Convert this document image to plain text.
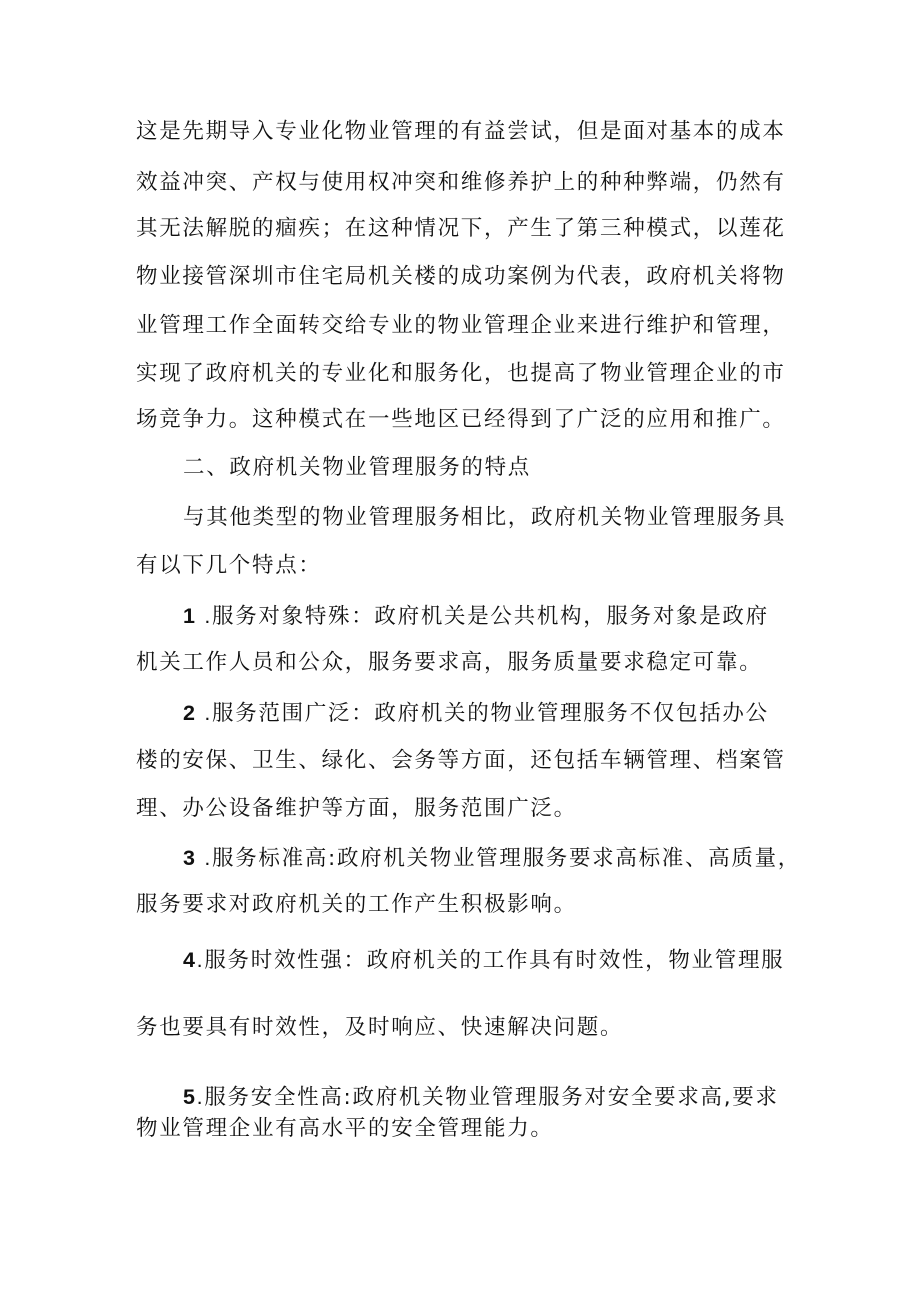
这是先期导入专业化物业管理的有益尝试，但是面对基本的成本
效益冲突、产权与使用权冲突和维修养护上的种种弊端，仍然有
其无法解脱的痼疾；在这种情况下，产生了第三种模式，以莲花
物业接管深圳市住宅局机关楼的成功案例为代表，政府机关将物
业管理工作全面转交给专业的物业管理企业来进行维护和管理，
实现了政府机关的专业化和服务化，也提高了物业管理企业的市
场竞争力。这种模式在一些地区已经得到了广泛的应用和推广。
二、政府机关物业管理服务的特点
与其他类型的物业管理服务相比，政府机关物业管理服务具
有以下几个特点：
1 .服务对象特殊：政府机关是公共机构，服务对象是政府
机关工作人员和公众，服务要求高，服务质量要求稳定可靠。
2 .服务范围广泛：政府机关的物业管理服务不仅包括办公
楼的安保、卫生、绿化、会务等方面，还包括车辆管理、档案管
理、办公设备维护等方面，服务范围广泛。
3 .服务标准高:政府机关物业管理服务要求高标准、高质量，
服务要求对政府机关的工作产生积极影响。
4.服务时效性强：政府机关的工作具有时效性，物业管理服
务也要具有时效性，及时响应、快速解决问题。
5.服务安全性高:政府机关物业管理服务对安全要求高,要求
物业管理企业有高水平的安全管理能力。
